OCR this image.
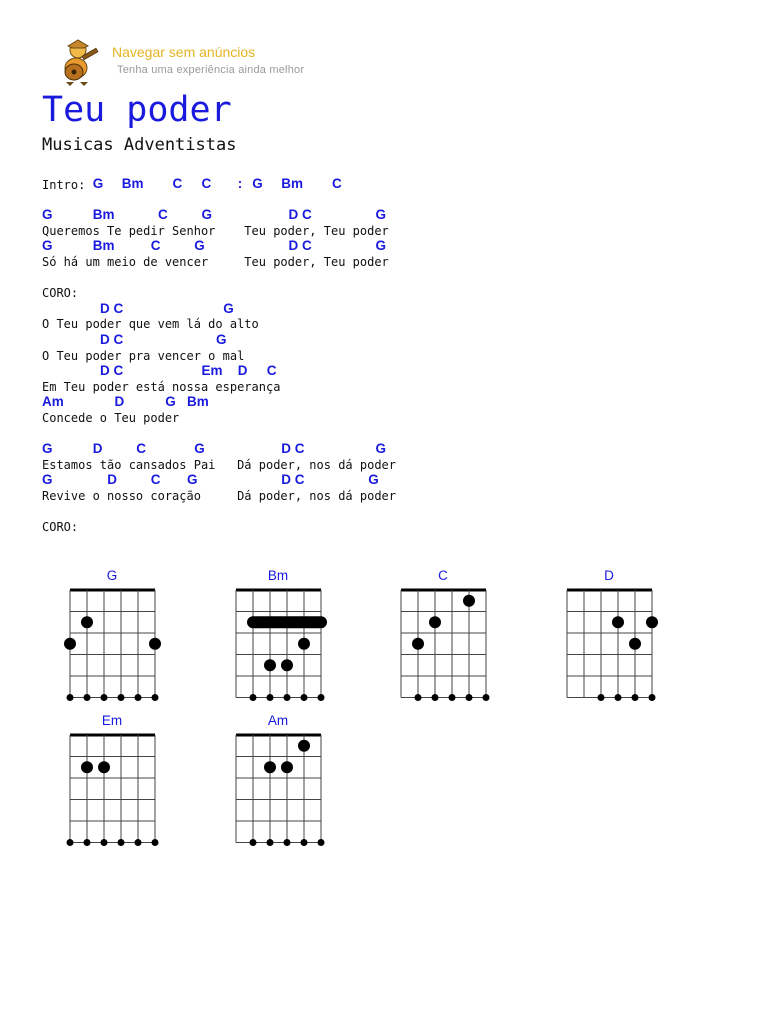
Navegar sem anúncios
Tenha uma experiência ainda melhor
Teu poder
Musicas Adventistas
Intro: G Bm C C : G Bm C
G	Bm	C	G	D C	G
Queremos Te pedir Senhor    Teu poder, Teu poder
G	Bm	C	G	D C	G
Só há um meio de vencer     Teu poder, Teu poder
CORO:
D C	G
O Teu poder que vem lá do alto
D C	G
O Teu poder pra vencer o mal
D C	Em D C
Em Teu poder está nossa esperança
Am	D	G Bm
Concede o Teu poder
G	D	C	G	D C	G
Estamos tão cansados Pai   Dá poder, nos dá poder
G	D	C G	D C	G
Revive o nosso coração     Dá poder, nos dá poder
CORO:
G	Bm	C	D
Em	Am
